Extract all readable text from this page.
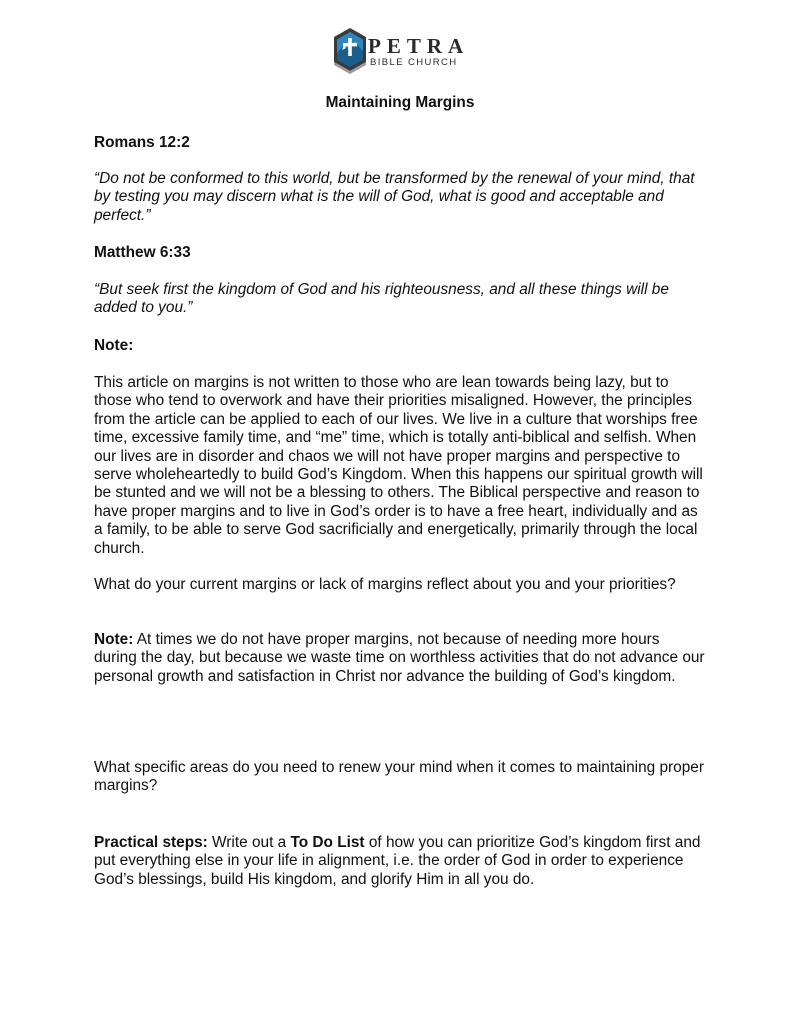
PETRA
BIBLE CHURCH

Maintaining Margins

Romans 12:2

“Do not be conformed to this world, but be transformed by the renewal of your mind, that by testing you may discern what is the will of God, what is good and acceptable and perfect.”

Matthew 6:33

“But seek first the kingdom of God and his righteousness, and all these things will be added to you.”

Note:

This article on margins is not written to those who are lean towards being lazy, but to those who tend to overwork and have their priorities misaligned. However, the principles from the article can be applied to each of our lives. We live in a culture that worships free time, excessive family time, and “me” time, which is totally anti-biblical and selfish. When our lives are in disorder and chaos we will not have proper margins and perspective to serve wholeheartedly to build God’s Kingdom. When this happens our spiritual growth will be stunted and we will not be a blessing to others. The Biblical perspective and reason to have proper margins and to live in God’s order is to have a free heart, individually and as a family, to be able to serve God sacrificially and energetically, primarily through the local church.

What do your current margins or lack of margins reflect about you and your priorities?

Note: At times we do not have proper margins, not because of needing more hours during the day, but because we waste time on worthless activities that do not advance our personal growth and satisfaction in Christ nor advance the building of God’s kingdom.

What specific areas do you need to renew your mind when it comes to maintaining proper margins?

Practical steps: Write out a To Do List of how you can prioritize God’s kingdom first and put everything else in your life in alignment, i.e. the order of God in order to experience God’s blessings, build His kingdom, and glorify Him in all you do.
